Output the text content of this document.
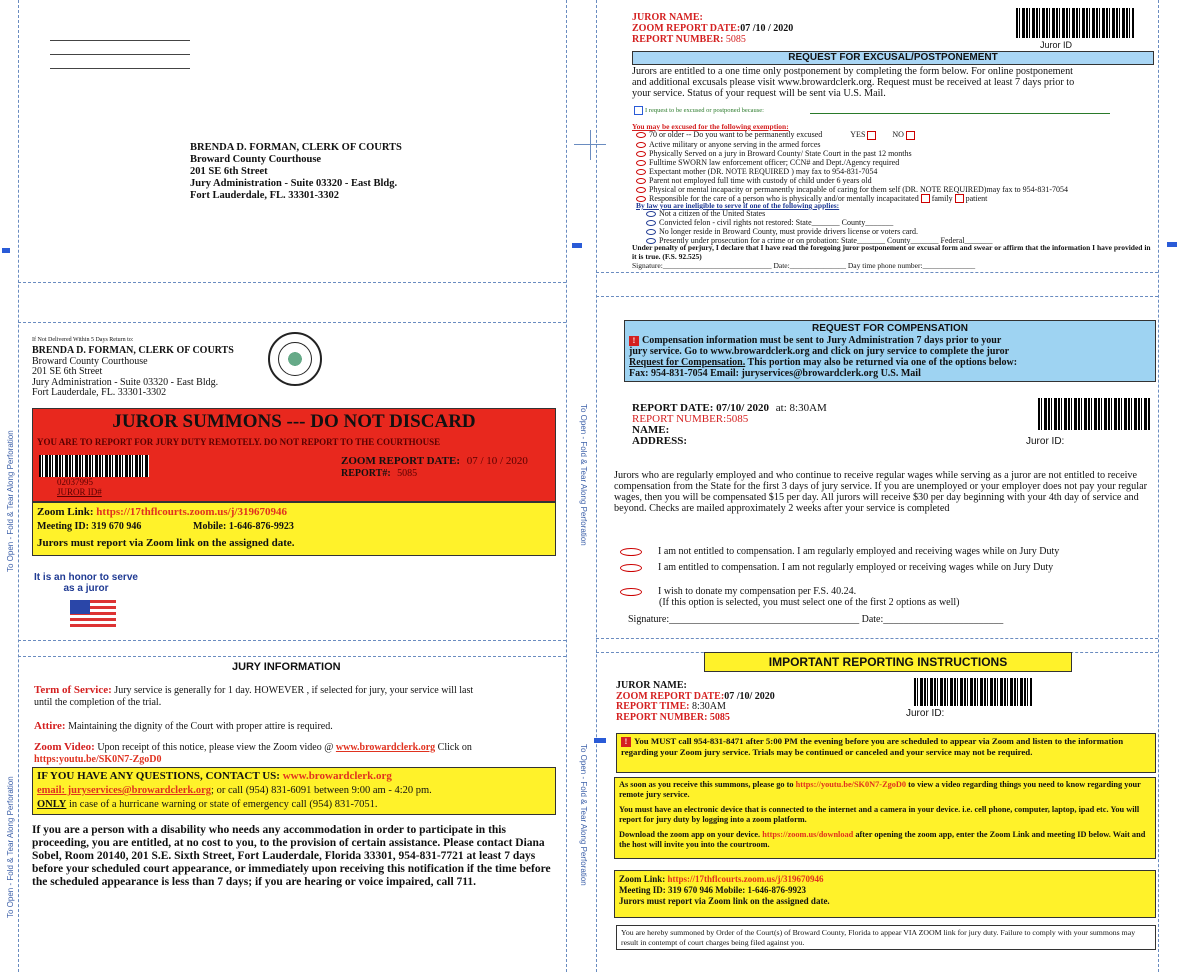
To Open - Fold & Tear Along Perforation
To Open - Fold & Tear Along Perforation
To Open - Fold & Tear Along Perforation
To Open - Fold & Tear Along Perforation
BRENDA D. FORMAN, CLERK OF COURTS
Broward County Courthouse
201 SE 6th Street
Jury Administration - Suite 03320 - East Bldg.
Fort Lauderdale, FL. 33301-3302
If Not Delivered Within 5 Days Return to:
BRENDA D. FORMAN, CLERK OF COURTS
Broward County Courthouse
201 SE 6th Street
Jury Administration - Suite 03320 - East Bldg.
Fort Lauderdale, FL. 33301-3302
JUROR SUMMONS --- DO NOT DISCARD
YOU ARE TO REPORT FOR JURY DUTY REMOTELY. DO NOT REPORT TO THE COURTHOUSE
02037995
JUROR ID#
ZOOM REPORT DATE: 07 / 10 / 2020
REPORT#: 5085
Zoom Link: https://17thflcourts.zoom.us/j/319670946
Meeting ID: 319 670 946	Mobile: 1-646-876-9923
Jurors must report via Zoom link on the assigned date.
It is an honor to serve
as a juror
JURY INFORMATION
Term of Service: Jury service is generally for 1 day. HOWEVER , if selected for jury, your service will last
until the completion of the trial.
Attire: Maintaining the dignity of the Court with proper attire is required.
Zoom Video: Upon receipt of this notice, please view the Zoom video @ www.browardclerk.org Click on
https:youtu.be/SK0N7-ZgoD0
IF YOU HAVE ANY QUESTIONS, CONTACT US: www.browardclerk.org
email: juryservices@browardclerk.org; or call (954) 831-6091 between 9:00 am - 4:20 pm.
ONLY in case of a hurricane warning or state of emergency call (954) 831-7051.
If you are a person with a disability who needs any accommodation in order to participate in this proceeding, you are entitled, at no cost to you, to the provision of certain assistance. Please contact Diana Sobel, Room 20140, 201 S.E. Sixth Street, Fort Lauderdale, Florida 33301, 954-831-7721 at least 7 days before your scheduled court appearance, or immediately upon receiving this notification if the time before the scheduled appearance is less than 7 days; if you are hearing or voice impaired, call 711.
JUROR NAME:
ZOOM REPORT DATE:07 /10 / 2020
REPORT NUMBER: 5085	Juror ID
REQUEST FOR EXCUSAL/POSTPONEMENT
Jurors are entitled to a one time only postponement by completing the form below. For online postponement
and additional excusals please visit www.browardclerk.org. Request must be received at least 7 days prior to
your service. Status of your request will be sent via U.S. Mail.
I request to be excused or postponed because:
You may be excused for the following exemption:
70 or older -- Do you want to be permanently excused	YES	NO
Active military or anyone serving in the armed forces
Physically Served on a jury in Broward County/ State Court in the past 12 months
Fulltime SWORN law enforcement officer; CCN# and Dept./Agency required
Expectant mother (DR. NOTE REQUIRED ) may fax to 954-831-7054
Parent not employed full time with custody of child under 6 years old
Physical or mental incapacity or permanently incapable of caring for them self (DR. NOTE REQUIRED)may fax to 954-831-7054
Responsible for the care of a person who is physically and/or mentally incapacitated family patient
By law you are ineligible to serve if one of the following applies:
Not a citizen of the United States
Convicted felon - civil rights not restored: State_______ County_______
No longer reside in Broward County, must provide drivers license or voters card.
Presently under prosecution for a crime or on probation: State_______ County_______ Federal_______
Under penalty of perjury, I declare that I have read the foregoing juror postponement or excusal form and swear or affirm that the information I have provided in it is true. (F.S. 92.525)
Signature:_____________________________ Date:_______________ Day time phone number:______________
REQUEST FOR COMPENSATION
! Compensation information must be sent to Jury Administration 7 days prior to your
jury service. Go to www.browardclerk.org and click on jury service to complete the juror
Request for Compensation. This portion may also be returned via one of the options below:
Fax: 954-831-7054 Email: juryservices@browardclerk.org U.S. Mail
REPORT DATE: 07/10/ 2020 at: 8:30AM
REPORT NUMBER:5085
NAME:
ADDRESS:	Juror ID:
Jurors who are regularly employed and who continue to receive regular wages while serving as a juror are not entitled to receive compensation from the State for the first 3 days of jury service. If you are unemployed or your employer does not pay your regular wages, then you will be compensated $15 per day. All jurors will receive $30 per day beginning with your 4th day of service and beyond. Checks are mailed approximately 2 weeks after your service is completed
I am not entitled to compensation. I am regularly employed and receiving wages while on Jury Duty
I am entitled to compensation. I am not regularly employed or receiving wages while on Jury Duty
I wish to donate my compensation per F.S. 40.24.
(If this option is selected, you must select one of the first 2 options as well)
Signature:______________________________________ Date:________________________
IMPORTANT REPORTING INSTRUCTIONS
JUROR NAME:
ZOOM REPORT DATE:07 /10/ 2020
REPORT TIME: 8:30AM
REPORT NUMBER: 5085	Juror ID:
! You MUST call 954-831-8471 after 5:00 PM the evening before you are scheduled to appear via Zoom and listen to the information regarding your Zoom jury service. Trials may be continued or canceled and your service may not be required.
As soon as you receive this summons, please go to https://youtu.be/SK0N7-ZgoD0 to view a video regarding things you need to know regarding your remote jury service.
You must have an electronic device that is connected to the internet and a camera in your device. i.e. cell phone, computer, laptop, ipad etc. You will report for jury duty by logging into a zoom platform.
Download the zoom app on your device. https://zoom.us/download after opening the zoom app, enter the Zoom Link and meeting ID below. Wait and the host will invite you into the courtroom.
Zoom Link: https://17thflcourts.zoom.us/j/319670946
Meeting ID: 319 670 946 Mobile: 1-646-876-9923
Jurors must report via Zoom link on the assigned date.
You are hereby summoned by Order of the Court(s) of Broward County, Florida to appear VIA ZOOM link for jury duty. Failure to comply with your summons may result in contempt of court charges being filed against you.
